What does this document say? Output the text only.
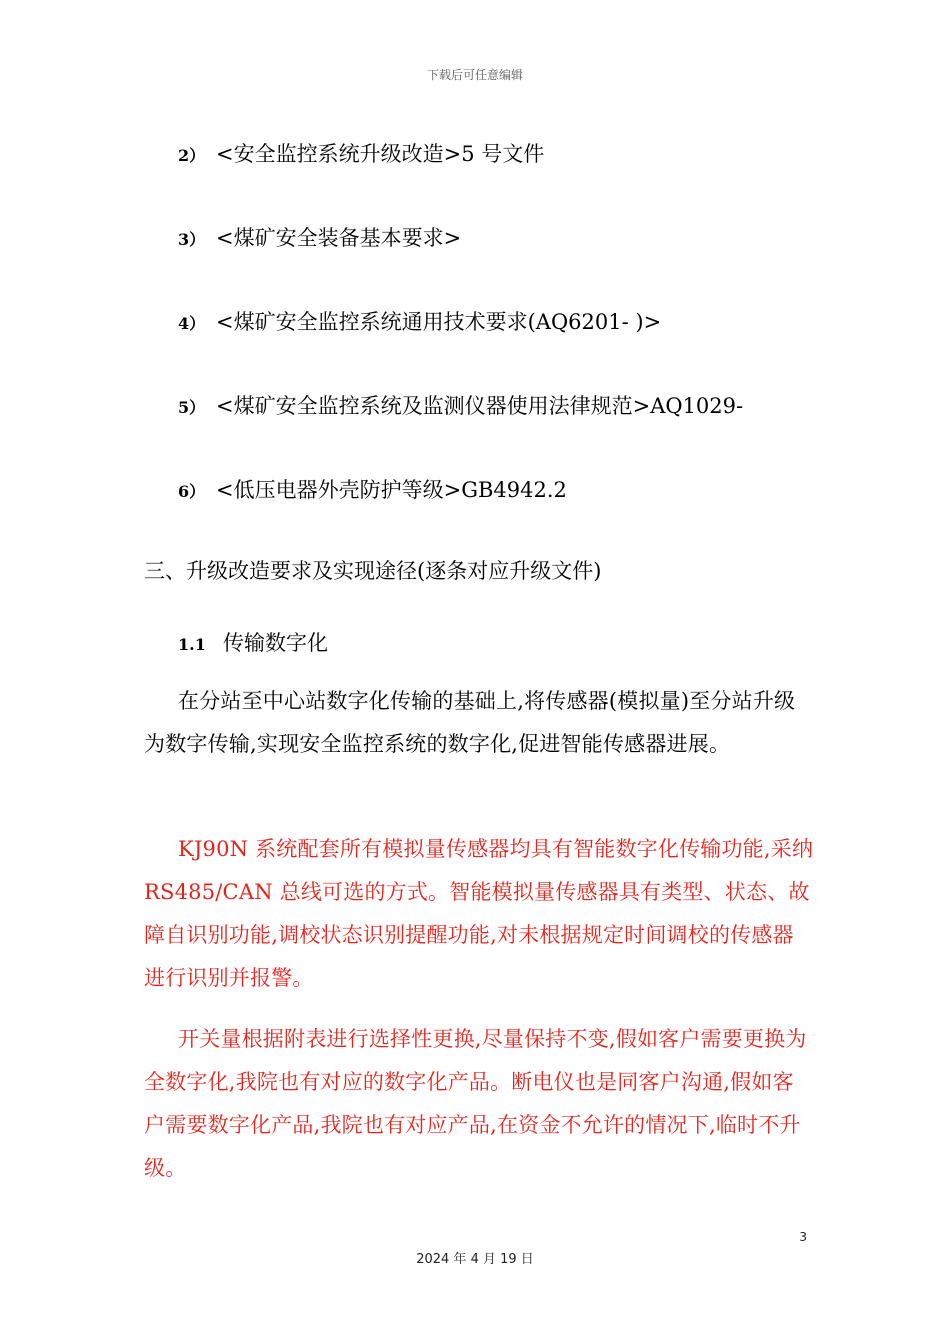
下载后可任意编辑
2） <安全监控系统升级改造>5 号文件
3） <煤矿安全装备基本要求>
4） <煤矿安全监控系统通用技术要求(AQ6201- )>
5） <煤矿安全监控系统及监测仪器使用法律规范>AQ1029-
6） <低压电器外壳防护等级>GB4942.2
三、升级改造要求及实现途径(逐条对应升级文件)
1.1 传输数字化
在分站至中心站数字化传输的基础上,将传感器(模拟量)至分站升级为数字传输,实现安全监控系统的数字化,促进智能传感器进展。
KJ90N 系统配套所有模拟量传感器均具有智能数字化传输功能,采纳 RS485/CAN 总线可选的方式。智能模拟量传感器具有类型、状态、故障自识别功能,调校状态识别提醒功能,对未根据规定时间调校的传感器进行识别并报警。
开关量根据附表进行选择性更换,尽量保持不变,假如客户需要更换为全数字化,我院也有对应的数字化产品。断电仪也是同客户沟通,假如客户需要数字化产品,我院也有对应产品,在资金不允许的情况下,临时不升级。
3
2024 年 4 月 19 日
